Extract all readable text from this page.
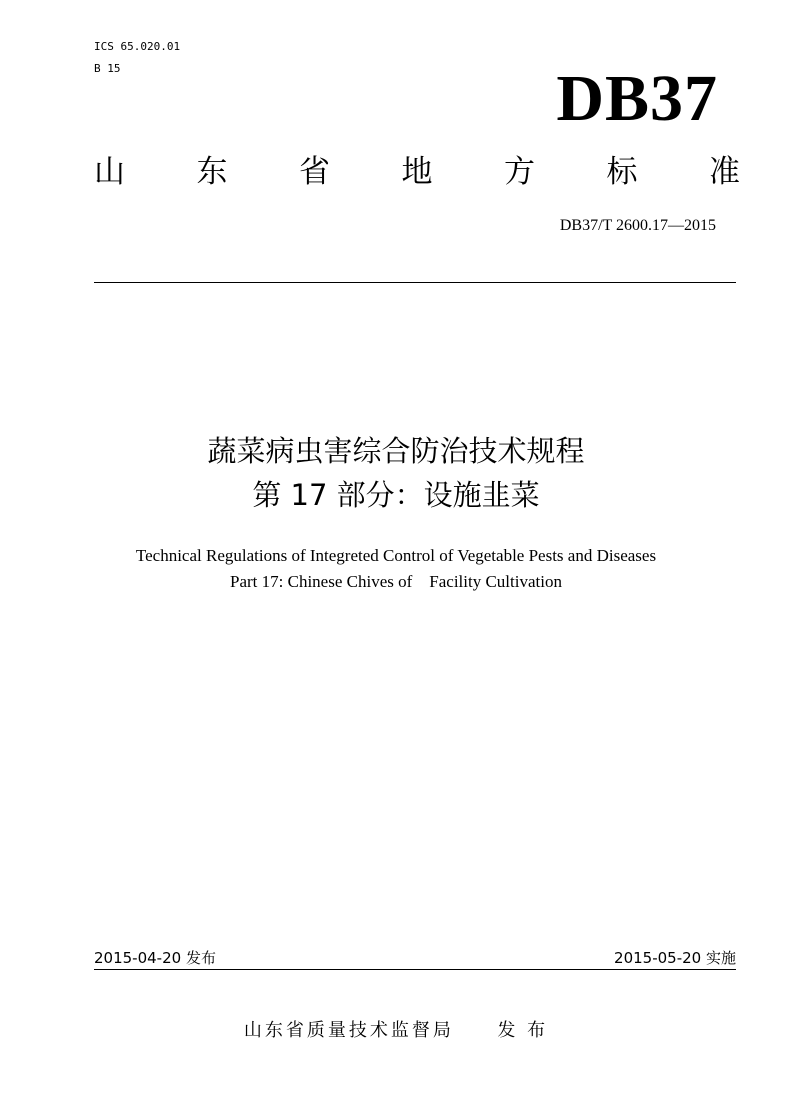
ICS 65.020.01
B 15	DB37
山 东 省 地 方 标 准
DB37/T 2600.17—2015
蔬菜病虫害综合防治技术规程
第 17 部分：设施韭菜
Technical Regulations of Integreted Control of Vegetable Pests and Diseases
Part 17: Chinese Chives of    Facility Cultivation
2015-04-20 发布	2015-05-20 实施
山东省质量技术监督局     发 布
